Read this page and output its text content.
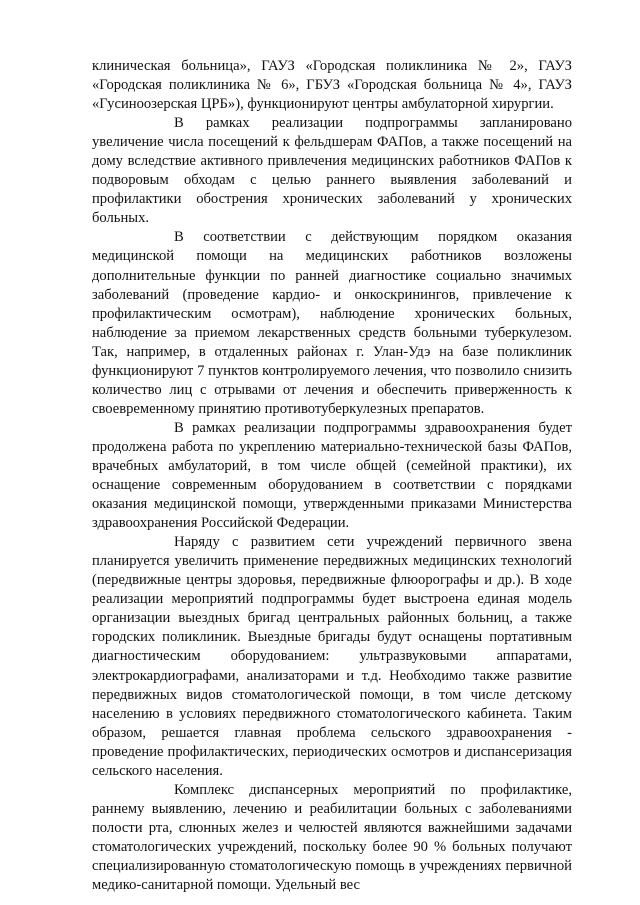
клиническая больница», ГАУЗ «Городская поликлиника № 2», ГАУЗ «Городская поликлиника № 6», ГБУЗ «Городская больница № 4», ГАУЗ «Гусиноозерская ЦРБ»), функционируют центры амбулаторной хирургии.

В рамках реализации подпрограммы запланировано увеличение числа посещений к фельдшерам ФАПов, а также посещений на дому вследствие активного привлечения медицинских работников ФАПов к подворовым обходам с целью раннего выявления заболеваний и профилактики обострения хронических заболеваний у хронических больных.

В соответствии с действующим порядком оказания медицинской помощи на медицинских работников возложены дополнительные функции по ранней диагностике социально значимых заболеваний (проведение кардио- и онкоскринингов, привлечение к профилактическим осмотрам), наблюдение хронических больных, наблюдение за приемом лекарственных средств больными туберкулезом. Так, например, в отдаленных районах г. Улан-Удэ на базе поликлиник функционируют 7 пунктов контролируемого лечения, что позволило снизить количество лиц с отрывами от лечения и обеспечить приверженность к своевременному принятию противотуберкулезных препаратов.

В рамках реализации подпрограммы здравоохранения будет продолжена работа по укреплению материально-технической базы ФАПов, врачебных амбулаторий, в том числе общей (семейной практики), их оснащение современным оборудованием в соответствии с порядками оказания медицинской помощи, утвержденными приказами Министерства здравоохранения Российской Федерации.

Наряду с развитием сети учреждений первичного звена планируется увеличить применение передвижных медицинских технологий (передвижные центры здоровья, передвижные флюорографы и др.). В ходе реализации мероприятий подпрограммы будет выстроена единая модель организации выездных бригад центральных районных больниц, а также городских поликлиник. Выездные бригады будут оснащены портативным диагностическим оборудованием: ультразвуковыми аппаратами, электрокардиографами, анализаторами и т.д. Необходимо также развитие передвижных видов стоматологической помощи, в том числе детскому населению в условиях передвижного стоматологического кабинета. Таким образом, решается главная проблема сельского здравоохранения - проведение профилактических, периодических осмотров и диспансеризация сельского населения.

Комплекс диспансерных мероприятий по профилактике, раннему выявлению, лечению и реабилитации больных с заболеваниями полости рта, слюнных желез и челюстей являются важнейшими задачами стоматологических учреждений, поскольку более 90 % больных получают специализированную стоматологическую помощь в учреждениях первичной медико-санитарной помощи. Удельный вес
